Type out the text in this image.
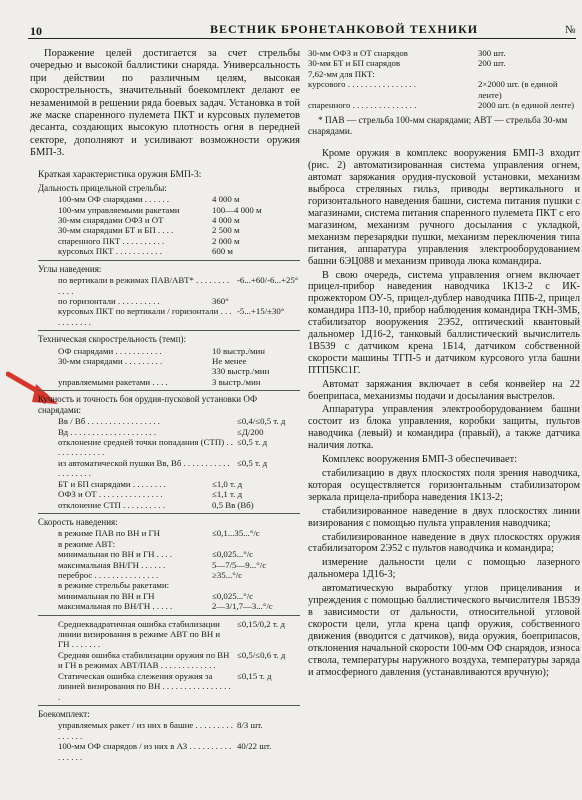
10	ВЕСТНИК БРОНЕТАНКОВОЙ ТЕХНИКИ	№

Поражение целей достигается за счет стрельбы очередью и высокой баллистики снаряда. Универсальность при действии по различным целям, высокая скорострельность, значительный боекомплект делают ее незаменимой в решении ряда боевых задач. Установка в той же маске спаренного пулемета ПКТ и курсовых пулеметов десанта, создающих высокую плотность огня в передней секторе, дополняют и усиливают возможности оружия БМП-3.

Краткая характеристика оружия БМП-3:
Дальность прицельной стрельбы:
100-мм ОФ снарядами . . . . . .	4 000 м
100-мм управляемыми ракетами	100—4 000 м
30-мм снарядами ОФЗ и ОТ	4 000 м
30-мм снарядами БТ и БП . . . .	2 500 м
спаренного ПКТ . . . . . . . . . .	2 000 м
курсовых ПКТ . . . . . . . . . . .	600 м
Углы наведения:
по вертикали в режимах ПАВ/АВТ* . . . . . . . . . . . .
-6...+60/-6...+25°
по горизонтали . . . . . . . . . .	360°
курсовых ПКТ по вертикали / горизонтали . . . . . . . . . . .
-5...+15/±30°
Техническая скорострельность (темп):
ОФ снарядами . . . . . . . . . . .	10 выстр./мин
30-мм снарядами . . . . . . . . .	Не менее
330 выстр./мин
управляемыми ракетами . . . .	3 выстр./мин
Кучность и точность боя орудия-пусковой установки ОФ снарядами:
Вв / Вб . . . . . . . . . . . . . . . . .	≤0,4/≤0,5 т. д
Вд . . . . . . . . . . . . . . . . . . . .	≤Д/200
отклонение средней точки попадания (СТП) . . . . . . . . . . . . .
≤0,5 т. д
из автоматической пушки Вв, Вб . . . . . . . . . . . . . . . . . . .
≤0,5 т. д
БТ и БП снарядами . . . . . . . .	≤1,0 т. д
ОФЗ и ОТ . . . . . . . . . . . . . . .	≤1,1 т. д
отклонение СТП . . . . . . . . . .	0,5 Вв (Вб)
Скорость наведения:
в режиме ПАВ по ВН и ГН	≤0,1...35...°/с
в режиме АВТ:
минимальная по ВН и ГН . . . .	≤0,025...°/с
максимальная ВН/ГН . . . . . .	5—7/5—9...°/с
переброс . . . . . . . . . . . . . . .	≥35...°/с
в режиме стрельбы ракетами:
минимальная по ВН и ГН	≤0,025...°/с
максимальная по ВН/ГН . . . . .	2—3/1,7—3...°/с
Среднеквадратичная ошибка стабилизации линии визирования в режиме АВТ по ВН и ГН . . . . . . .
≤0,15/0,2 т. д
Средняя ошибка стабилизации оружия по ВН и ГН в режимах АВТ/ПАВ . . . . . . . . . . . . .
≤0,5/≤0,6 т. д
Статическая ошибка слежения оружия за линией визирования по ВН . . . . . . . . . . . . . . . . .
≤0,15 т. д
Боекомплект:
управляемых ракет / из них в башне . . . . . . . . . . . . . . .
8/3 шт.
100-мм ОФ снарядов / из них в АЗ . . . . . . . . . . . . . . . .
40/22 шт.
30-мм ОФЗ и ОТ снарядов	300 шт.
30-мм БТ и БП снарядов	200 шт.
7,62-мм для ПКТ:
курсового . . . . . . . . . . . . . . . .	2×2000 шт. (в единой ленте)
спаренного . . . . . . . . . . . . . . .	2000 шт. (в единой ленте)
* ПАВ — стрельба 100-мм снарядами; АВТ — стрельба 30-мм снарядами.

Кроме оружия в комплекс вооружения БМП-3 входит (рис. 2) автоматизированная система управления огнем, автомат заряжания орудия-пусковой установки, механизм выброса стреляных гильз, приводы вертикального и горизонтального наведения башни, система питания пушки с магазинами, система питания спаренного пулемета ПКТ с его магазином, механизм ручного досылания с укладкой, механизм перезарядки пушки, механизм переключения типа питания, аппаратура управления электрооборудованием башни 6ЭЦ088 и механизм привода люка командира.

В свою очередь, система управления огнем включает прицел-прибор наведения наводчика 1К13-2 с ИК-прожектором ОУ-5, прицел-дублер наводчика ППБ-2, прицел командира 1ПЗ-10, прибор наблюдения командира ТКН-3МБ, стабилизатор вооружения 2Э52, оптический квантовый дальномер 1Д16-2, танковый баллистический вычислитель 1В539 с датчиком крена 1Б14, датчиком собственной скорости машины ТГП-5 и датчиком курсового угла башни ПТП5КС1Г.

Автомат заряжания включает в себя конвейер на 22 боеприпаса, механизмы подачи и досылания выстрелов.

Аппаратура управления электрооборудованием башни состоит из блока управления, коробки защиты, пультов наводчика (левый) и командира (правый), а также датчика наличия лотка.

Комплекс вооружения БМП-3 обеспечивает:

стабилизацию в двух плоскостях поля зрения наводчика, которая осуществляется горизонтальным стабилизатором зеркала прицела-прибора наведения 1К13-2;

стабилизированное наведение в двух плоскостях линии визирования с помощью пульта управления наводчика;

стабилизированное наведение в двух плоскостях оружия стабилизатором 2Э52 с пультов наводчика и командира;

измерение дальности цели с помощью лазерного дальномера 1Д16-3;

автоматическую выработку углов прицеливания и упреждения с помощью баллистического вычислителя 1В539 в зависимости от дальности, относительной угловой скорости цели, угла крена цапф оружия, собственного движения (вводится с датчиков), вида оружия, боеприпасов, отклонения начальной скорости 100-мм ОФ снарядов, износа ствола, температуры наружного воздуха, температуры заряда и атмосферного давления (устанавливаются вручную);
